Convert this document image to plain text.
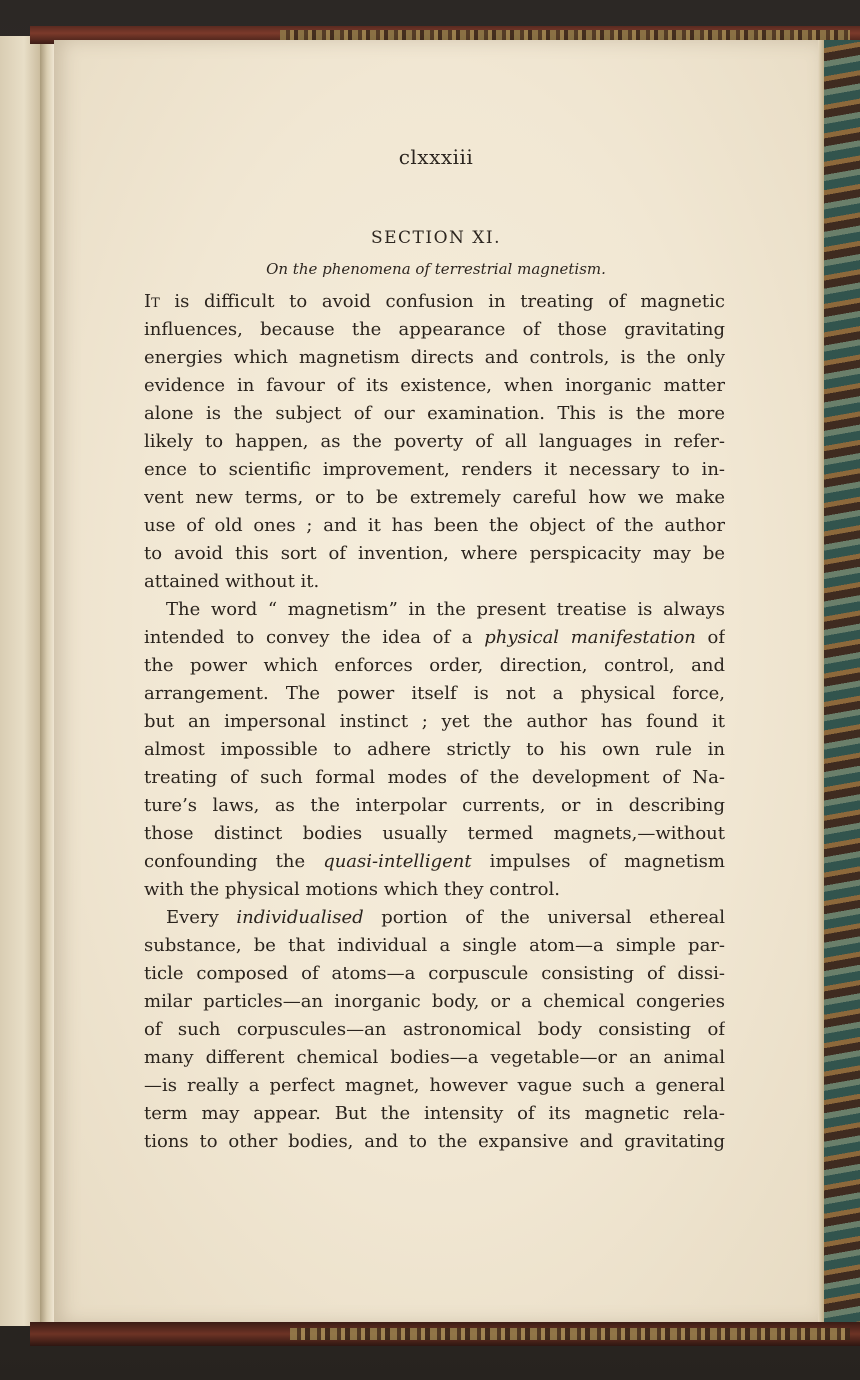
clxxxiii
SECTION XI.
On the phenomena of terrestrial magnetism.
It is difficult to avoid confusion in treating of magnetic
influences, because the appearance of those gravitating
energies which magnetism directs and controls, is the only
evidence in favour of its existence, when inorganic matter
alone is the subject of our examination. This is the more
likely to happen, as the poverty of all languages in refer-
ence to scientific improvement, renders it necessary to in-
vent new terms, or to be extremely careful how we make
use of old ones ; and it has been the object of the author
to avoid this sort of invention, where perspicacity may be
attained without it.
The word “ magnetism” in the present treatise is always
intended to convey the idea of a physical manifestation of
the power which enforces order, direction, control, and
arrangement. The power itself is not a physical force,
but an impersonal instinct ; yet the author has found it
almost impossible to adhere strictly to his own rule in
treating of such formal modes of the development of Na-
ture’s laws, as the interpolar currents, or in describing
those distinct bodies usually termed magnets,—without
confounding the quasi-intelligent impulses of magnetism
with the physical motions which they control.
Every individualised portion of the universal ethereal
substance, be that individual a single atom—a simple par-
ticle composed of atoms—a corpuscule consisting of dissi-
milar particles—an inorganic body, or a chemical congeries
of such corpuscules—an astronomical body consisting of
many different chemical bodies—a vegetable—or an animal
—is really a perfect magnet, however vague such a general
term may appear. But the intensity of its magnetic rela-
tions to other bodies, and to the expansive and gravitating
